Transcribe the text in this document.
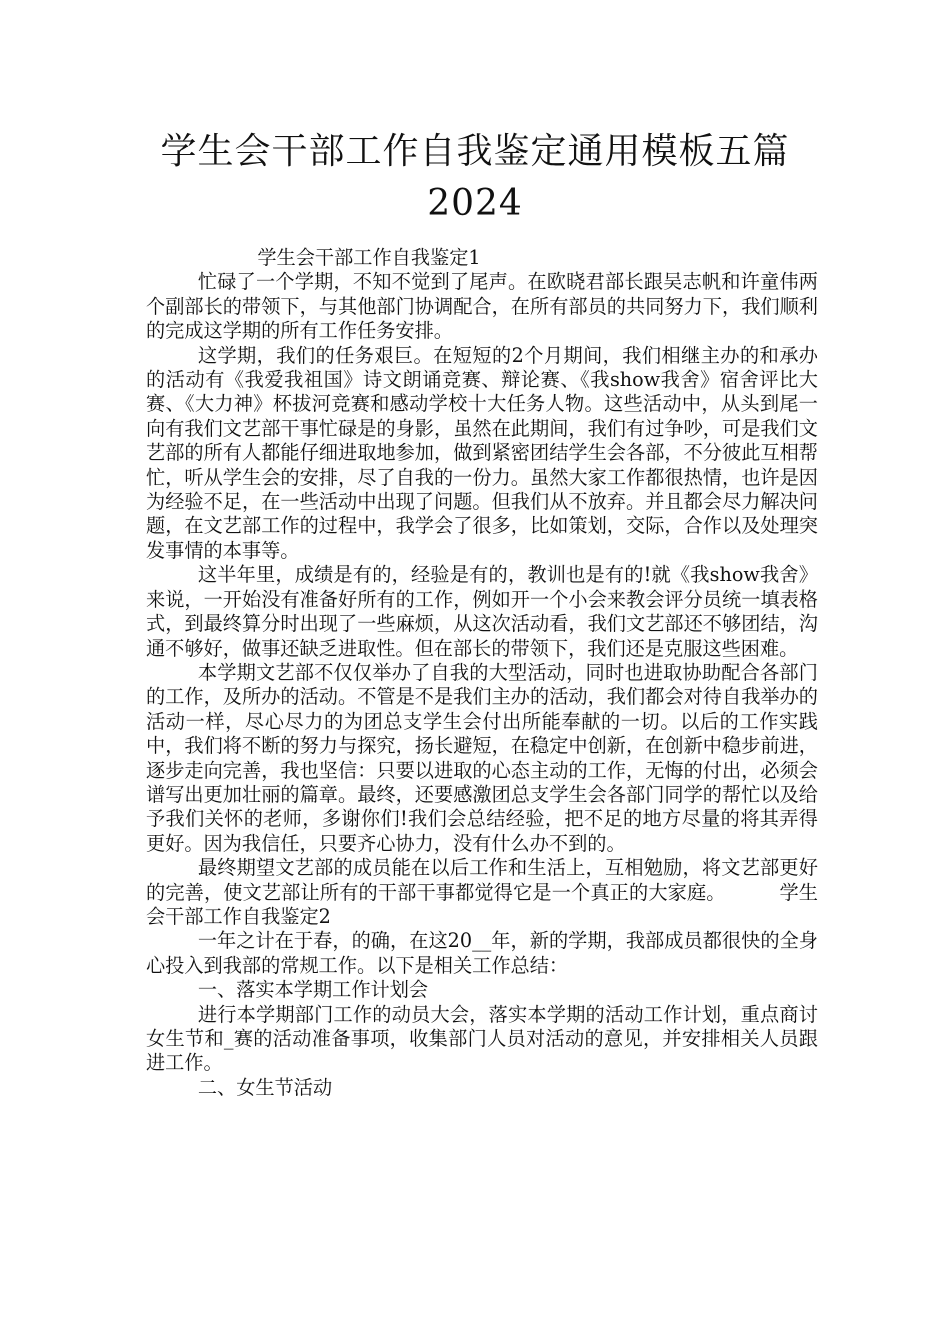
学生会干部工作自我鉴定通用模板五篇
2024

学生会干部工作自我鉴定1

忙碌了一个学期，不知不觉到了尾声。在欧晓君部长跟吴志帆和许童伟两个副部长的带领下，与其他部门协调配合，在所有部员的共同努力下，我们顺利的完成这学期的所有工作任务安排。

这学期，我们的任务艰巨。在短短的2个月期间，我们相继主办的和承办的活动有《我爱我祖国》诗文朗诵竞赛、辩论赛、《我show我舍》宿舍评比大赛、《大力神》杯拔河竞赛和感动学校十大任务人物。这些活动中，从头到尾一向有我们文艺部干事忙碌是的身影，虽然在此期间，我们有过争吵，可是我们文艺部的所有人都能仔细进取地参加，做到紧密团结学生会各部，不分彼此互相帮忙，听从学生会的安排，尽了自我的一份力。虽然大家工作都很热情，也许是因为经验不足，在一些活动中出现了问题。但我们从不放弃。并且都会尽力解决问题，在文艺部工作的过程中，我学会了很多，比如策划，交际，合作以及处理突发事情的本事等。

这半年里，成绩是有的，经验是有的，教训也是有的!就《我show我舍》来说，一开始没有准备好所有的工作，例如开一个小会来教会评分员统一填表格式，到最终算分时出现了一些麻烦，从这次活动看，我们文艺部还不够团结，沟通不够好，做事还缺乏进取性。但在部长的带领下，我们还是克服这些困难。

本学期文艺部不仅仅举办了自我的大型活动，同时也进取协助配合各部门的工作，及所办的活动。不管是不是我们主办的活动，我们都会对待自我举办的活动一样，尽心尽力的为团总支学生会付出所能奉献的一切。以后的工作实践中，我们将不断的努力与探究，扬长避短，在稳定中创新，在创新中稳步前进，逐步走向完善，我也坚信：只要以进取的心态主动的工作，无悔的付出，必须会谱写出更加壮丽的篇章。最终，还要感激团总支学生会各部门同学的帮忙以及给予我们关怀的老师，多谢你们!我们会总结经验，把不足的地方尽量的将其弄得更好。因为我信任，只要齐心协力，没有什么办不到的。

最终期望文艺部的成员能在以后工作和生活上，互相勉励，将文艺部更好的完善，使文艺部让所有的干部干事都觉得它是一个真正的大家庭。	学生会干部工作自我鉴定2

一年之计在于春，的确，在这20__年，新的学期，我部成员都很快的全身心投入到我部的常规工作。以下是相关工作总结：

一、落实本学期工作计划会

进行本学期部门工作的动员大会，落实本学期的活动工作计划，重点商讨女生节和_赛的活动准备事项，收集部门人员对活动的意见，并安排相关人员跟进工作。

二、女生节活动
